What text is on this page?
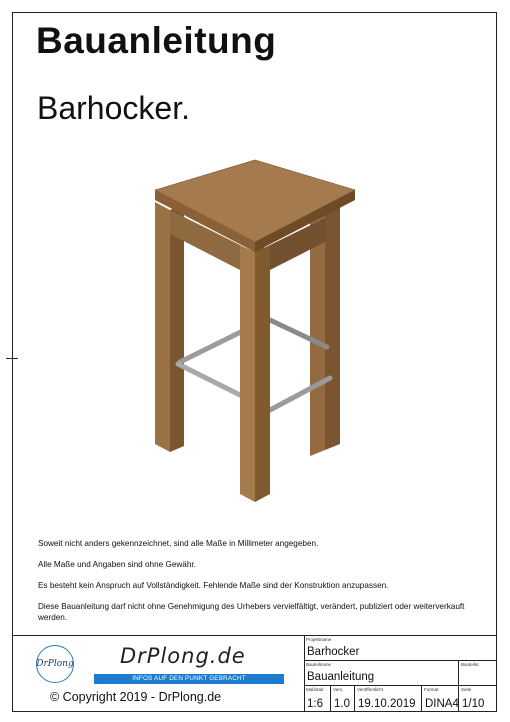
Bauanleitung
Barhocker.

Soweit nicht anders gekennzeichnet, sind alle Maße in Millimeter angegeben.

Alle Maße und Angaben sind ohne Gewähr.

Es besteht kein Anspruch auf Vollständigkeit. Fehlende Maße sind der Konstruktion anzupassen.

Diese Bauanleitung darf nicht ohne Genehmigung des Urhebers vervielfältigt, verändert, publiziert oder weiterverkauft werden.

DrPlong DrPlong.de
INFOS AUF DEN PUNKT GEBRACHT
© Copyright 2019 - DrPlong.de
Projektname
Barhocker
Bauteilname
Bauanleitung
Bauteilnr.
Maßstab
1:6
Vers.
1.0
Veröffentlicht
19.10.2019
Format
DINA4
Seite
1/10
